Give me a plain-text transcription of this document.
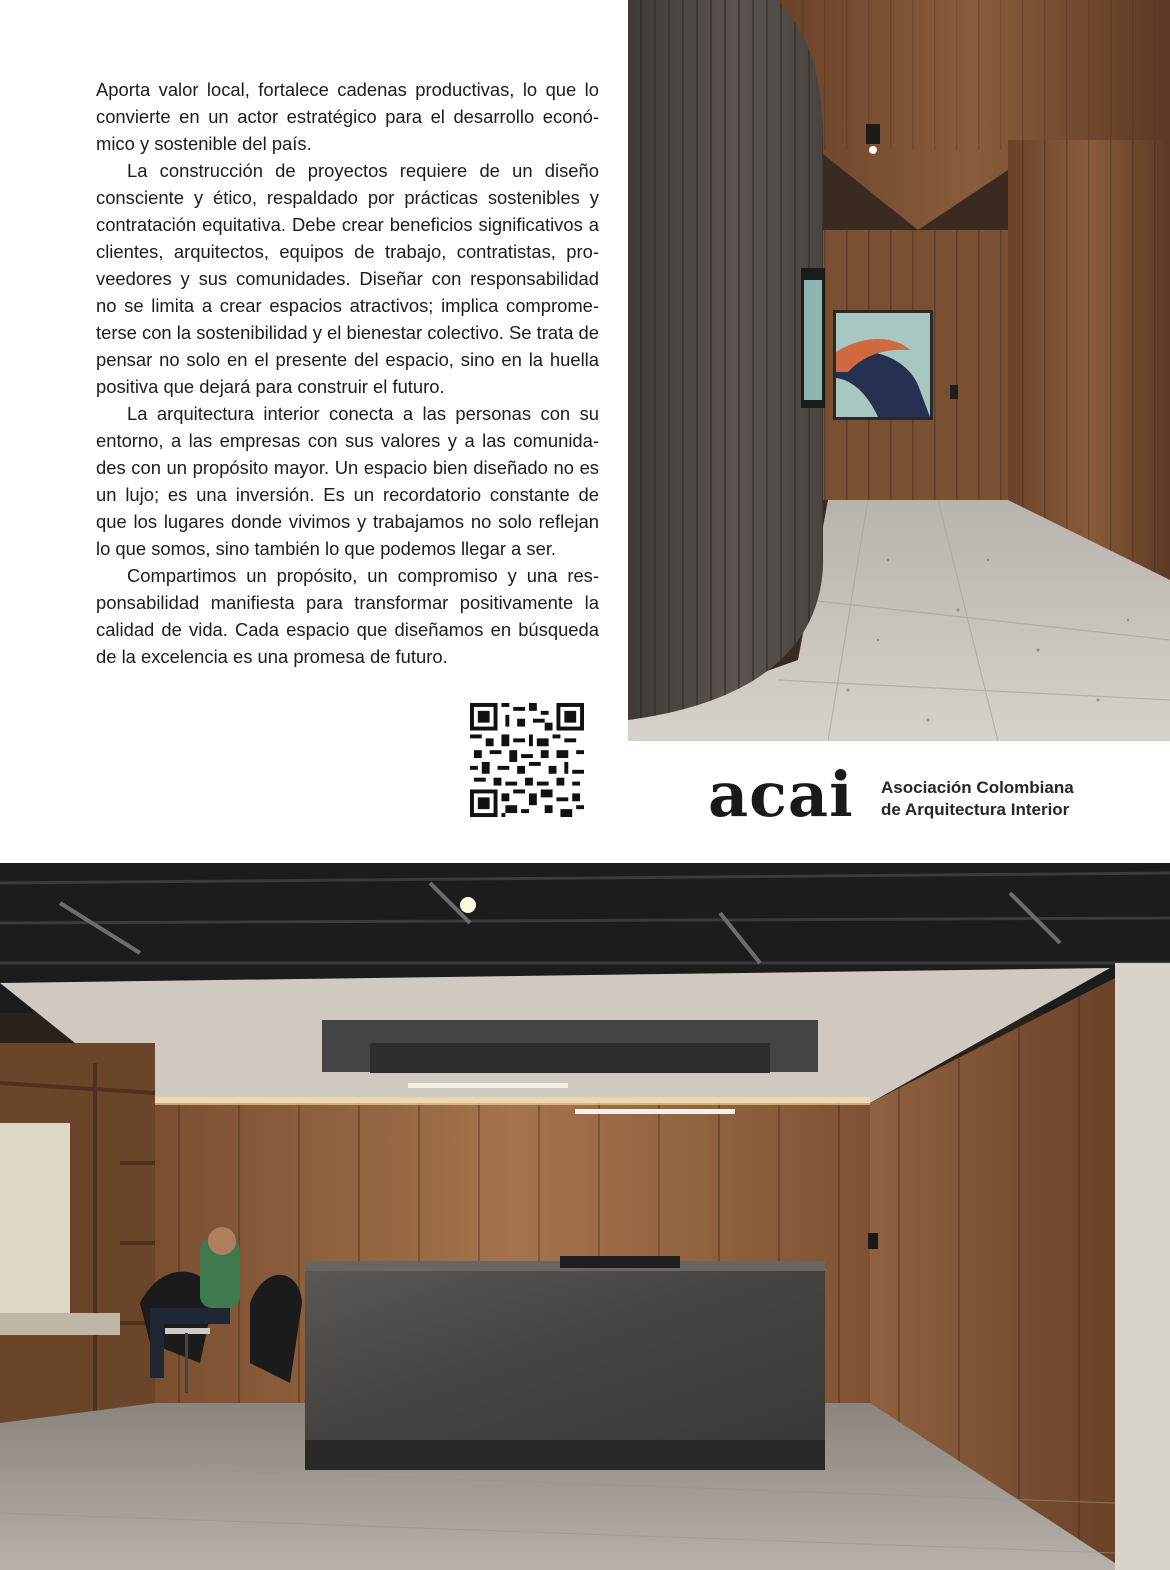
Aporta valor local, fortalece cadenas productivas, lo que lo convierte en un actor estratégico para el desarrollo econó-mico y sostenible del país.

La construcción de proyectos requiere de un diseño consciente y ético, respaldado por prácticas sostenibles y contratación equitativa. Debe crear beneficios significativos a clientes, arquitectos, equipos de trabajo, contratistas, pro-veedores y sus comunidades. Diseñar con responsabilidad no se limita a crear espacios atractivos; implica comprome-terse con la sostenibilidad y el bienestar colectivo. Se trata de pensar no solo en el presente del espacio, sino en la huella positiva que dejará para construir el futuro.

La arquitectura interior conecta a las personas con su entorno, a las empresas con sus valores y a las comunida-des con un propósito mayor. Un espacio bien diseñado no es un lujo; es una inversión. Es un recordatorio constante de que los lugares donde vivimos y trabajamos no solo reflejan lo que somos, sino también lo que podemos llegar a ser.

Compartimos un propósito, un compromiso y una res-ponsabilidad manifiesta para transformar positivamente la calidad de vida. Cada espacio que diseñamos en búsqueda de la excelencia es una promesa de futuro.

acai Asociación Colombiana
de Arquitectura Interior
